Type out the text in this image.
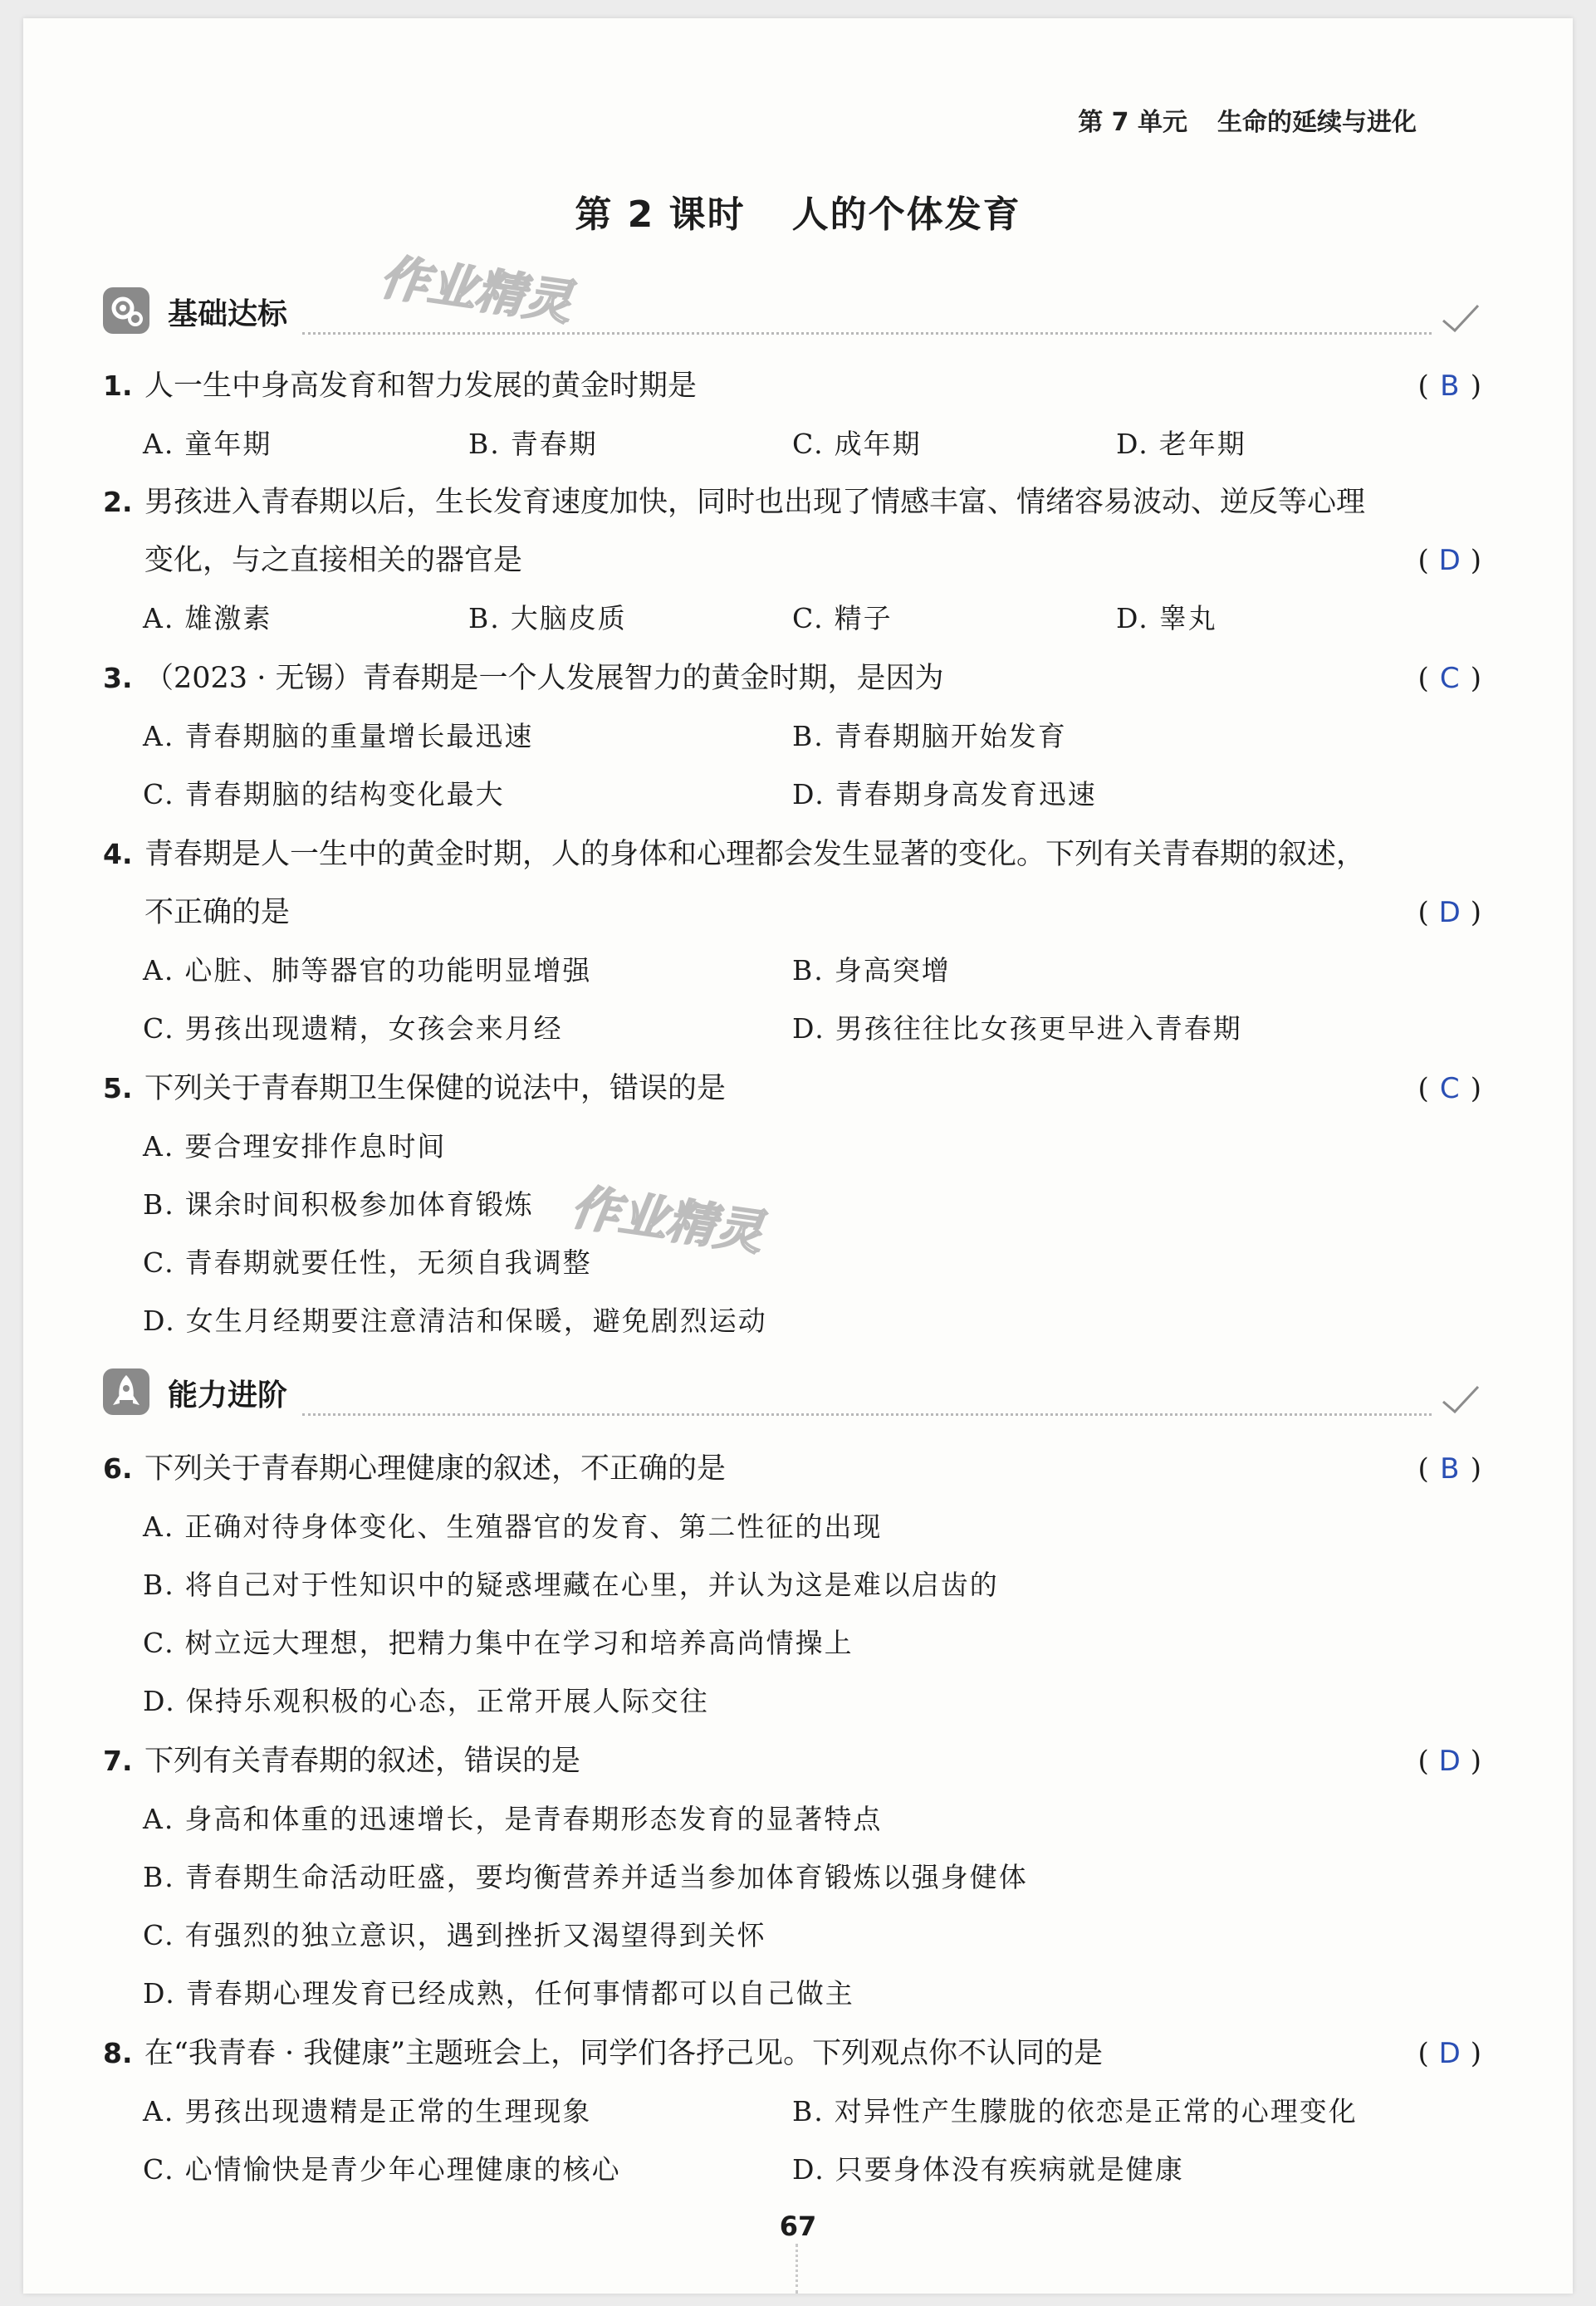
第 7 单元 生命的延续与进化
第 2 课时 人的个体发育
作业精灵
作业精灵
基础达标
1. 人一生中身高发育和智力发展的黄金时期是	( B )
A. 童年期	B. 青春期	C. 成年期	D. 老年期
2. 男孩进入青春期以后，生长发育速度加快，同时也出现了情感丰富、情绪容易波动、逆反等心理变化，与之直接相关的器官是	( D )
A. 雄激素	B. 大脑皮质	C. 精子	D. 睾丸
3. （2023 · 无锡）青春期是一个人发展智力的黄金时期，是因为	( C )
A. 青春期脑的重量增长最迅速	B. 青春期脑开始发育
C. 青春期脑的结构变化最大	D. 青春期身高发育迅速
4. 青春期是人一生中的黄金时期，人的身体和心理都会发生显著的变化。下列有关青春期的叙述，不正确的是	( D )
A. 心脏、肺等器官的功能明显增强	B. 身高突增
C. 男孩出现遗精，女孩会来月经	D. 男孩往往比女孩更早进入青春期
5. 下列关于青春期卫生保健的说法中，错误的是	( C )
A. 要合理安排作息时间
B. 课余时间积极参加体育锻炼
C. 青春期就要任性，无须自我调整
D. 女生月经期要注意清洁和保暖，避免剧烈运动
能力进阶
6. 下列关于青春期心理健康的叙述，不正确的是	( B )
A. 正确对待身体变化、生殖器官的发育、第二性征的出现
B. 将自己对于性知识中的疑惑埋藏在心里，并认为这是难以启齿的
C. 树立远大理想，把精力集中在学习和培养高尚情操上
D. 保持乐观积极的心态，正常开展人际交往
7. 下列有关青春期的叙述，错误的是	( D )
A. 身高和体重的迅速增长，是青春期形态发育的显著特点
B. 青春期生命活动旺盛，要均衡营养并适当参加体育锻炼以强身健体
C. 有强烈的独立意识，遇到挫折又渴望得到关怀
D. 青春期心理发育已经成熟，任何事情都可以自己做主
8. 在“我青春 · 我健康”主题班会上，同学们各抒己见。下列观点你不认同的是	( D )
A. 男孩出现遗精是正常的生理现象	B. 对异性产生朦胧的依恋是正常的心理变化
C. 心情愉快是青少年心理健康的核心	D. 只要身体没有疾病就是健康
67
